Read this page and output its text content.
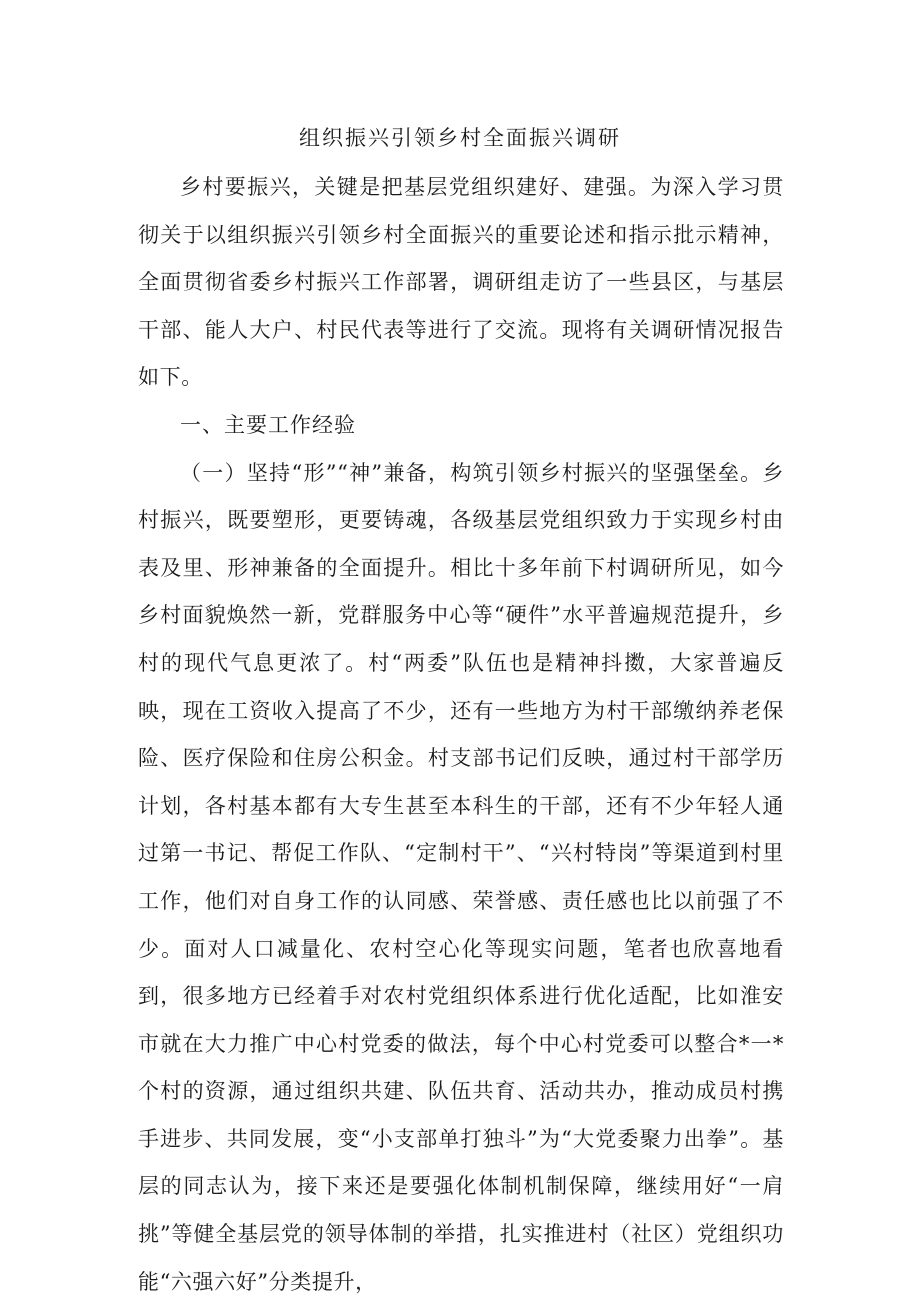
组织振兴引领乡村全面振兴调研

乡村要振兴，关键是把基层党组织建好、建强。为深入学习贯彻关于以组织振兴引领乡村全面振兴的重要论述和指示批示精神，全面贯彻省委乡村振兴工作部署，调研组走访了一些县区，与基层干部、能人大户、村民代表等进行了交流。现将有关调研情况报告如下。

一、主要工作经验

（一）坚持“形”“神”兼备，构筑引领乡村振兴的坚强堡垒。乡村振兴，既要塑形，更要铸魂，各级基层党组织致力于实现乡村由表及里、形神兼备的全面提升。相比十多年前下村调研所见，如今乡村面貌焕然一新，党群服务中心等“硬件”水平普遍规范提升，乡村的现代气息更浓了。村“两委”队伍也是精神抖擞，大家普遍反映，现在工资收入提高了不少，还有一些地方为村干部缴纳养老保险、医疗保险和住房公积金。村支部书记们反映，通过村干部学历计划，各村基本都有大专生甚至本科生的干部，还有不少年轻人通过第一书记、帮促工作队、“定制村干”、“兴村特岗”等渠道到村里工作，他们对自身工作的认同感、荣誉感、责任感也比以前强了不少。面对人口减量化、农村空心化等现实问题，笔者也欣喜地看到，很多地方已经着手对农村党组织体系进行优化适配，比如淮安市就在大力推广中心村党委的做法，每个中心村党委可以整合*一*个村的资源，通过组织共建、队伍共育、活动共办，推动成员村携手进步、共同发展，变“小支部单打独斗”为“大党委聚力出拳”。基层的同志认为，接下来还是要强化体制机制保障，继续用好“一肩挑”等健全基层党的领导体制的举措，扎实推进村（社区）党组织功能“六强六好”分类提升，
